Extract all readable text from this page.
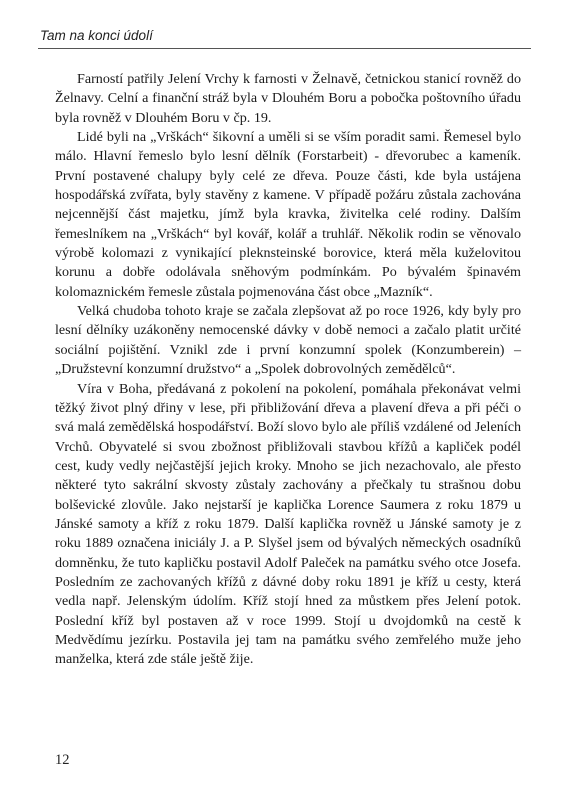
Tam na konci údolí

Farností patřily Jelení Vrchy k farnosti v Želnavě, četnickou stanicí rovněž do Želnavy. Celní a finanční stráž byla v Dlouhém Boru a pobočka poštovního úřadu byla rovněž v Dlouhém Boru v čp. 19.

Lidé byli na „Vrškách“ šikovní a uměli si se vším poradit sami. Řemesel bylo málo. Hlavní řemeslo bylo lesní dělník (Forstarbeit) - dřevorubec a kameník. První postavené chalupy byly celé ze dřeva. Pouze části, kde byla ustájena hospodářská zvířata, byly stavěny z kamene. V případě požáru zůstala zachována nejcennější část majetku, jímž byla kravka, živitelka celé rodiny. Dalším řemeslníkem na „Vrškách“ byl kovář, kolář a truhlář. Několik rodin se věnovalo výrobě kolomazi z vynikající pleknsteinské borovice, která měla kuželovitou korunu a dobře odolávala sněhovým podmínkám. Po bývalém špinavém kolomaznickém řemesle zůstala pojmenována část obce „Mazník“.

Velká chudoba tohoto kraje se začala zlepšovat až po roce 1926, kdy byly pro lesní dělníky uzákoněny nemocenské dávky v době nemoci a začalo platit určité sociální pojištění. Vznikl zde i první konzumní spolek (Konzumberein) – „Družstevní konzumní družstvo“ a „Spolek dobrovolných zemědělců“.

Víra v Boha, předávaná z pokolení na pokolení, pomáhala překonávat velmi těžký život plný dřiny v lese, při přibližování dřeva a plavení dřeva a při péči o svá malá zemědělská hospodářství. Boží slovo bylo ale příliš vzdálené od Jeleních Vrchů. Obyvatelé si svou zbožnost přibližovali stavbou křížů a kapliček podél cest, kudy vedly nejčastější jejich kroky. Mnoho se jich nezachovalo, ale přesto některé tyto sakrální skvosty zůstaly zachovány a přečkaly tu strašnou dobu bolševické zlovůle. Jako nejstarší je kaplička Lorence Saumera z roku 1879 u Jánské samoty a kříž z roku 1879. Další kaplička rovněž u Jánské samoty je z roku 1889 označena iniciály J. a P. Slyšel jsem od bývalých německých osadníků domněnku, že tuto kapličku postavil Adolf Paleček na památku svého otce Josefa. Posledním ze zachovaných křížů z dávné doby roku 1891 je kříž u cesty, která vedla např. Jelenským údolím. Kříž stojí hned za můstkem přes Jelení potok. Poslední kříž byl postaven až v roce 1999. Stojí u dvojdomků na cestě k Medvědímu jezírku. Postavila jej tam na památku svého zemřelého muže jeho manželka, která zde stále ještě žije.

12
